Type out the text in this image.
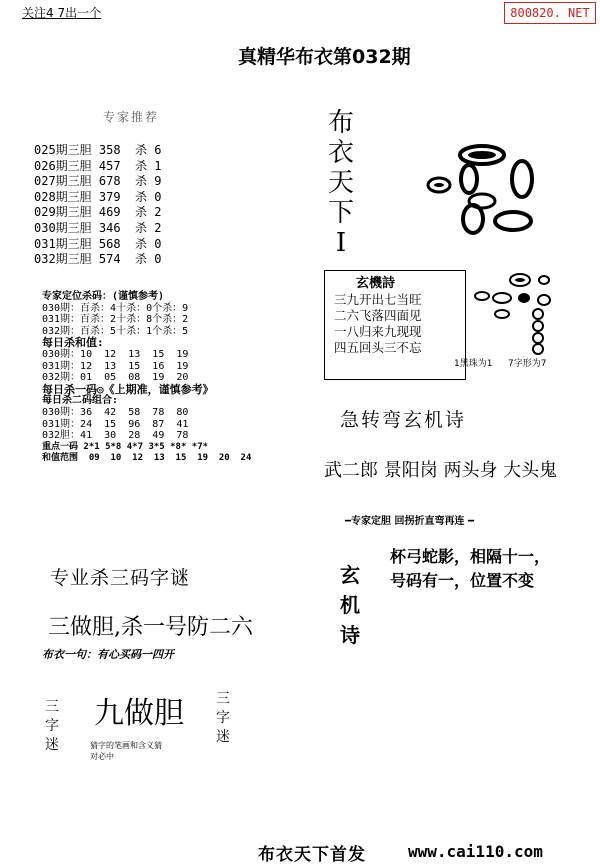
关注4 7出一个	800820. NET
真精华布衣第032期
专家推荐
025期三胆 358  杀 6
026期三胆 457  杀 1
027期三胆 678  杀 9
028期三胆 379  杀 0
029期三胆 469  杀 2
030期三胆 346  杀 2
031期三胆 568  杀 0
032期三胆 574  杀 0
布衣天下I
玄機詩
三九开出七当旺
二六飞落四面见
一八归来九现现
四五回头三不忘
1黑珠为1 7字形为7
专家定位杀码：(谨慎参考)
030期：百杀：4十杀：0个杀：9
031期：百杀：2十杀：8个杀：2
032期：百杀：5十杀：1个杀：5
每日杀和值:
030期：10  12  13  15  19
031期：12  13  15  16  19
032期：01  05  08  19  20
每日杀一码◎《上期准，谨慎参考》
每日杀二码组合:
030期：36  42  58  78  80
031期：24  15  96  87  41
032胆：41  30  28  49  78
重点一码 2*1 5*8 4*7 3*5 *8* *7*
和值范围  09  10  12  13  15  19  20  24
急转弯玄机诗
武二郎 景阳岗 两头身 大头鬼
━专家定胆 回拐折直弯再连 ━
玄机诗
杯弓蛇影，相隔十一，
号码有一，位置不变
专业杀三码字谜
三做胆,杀一号防二六
布衣一句：有心买码一四开
三字迷
三字迷
九做胆
猜字的笔画和含义猜
对必中
布衣天下首发	www.cai110.com
